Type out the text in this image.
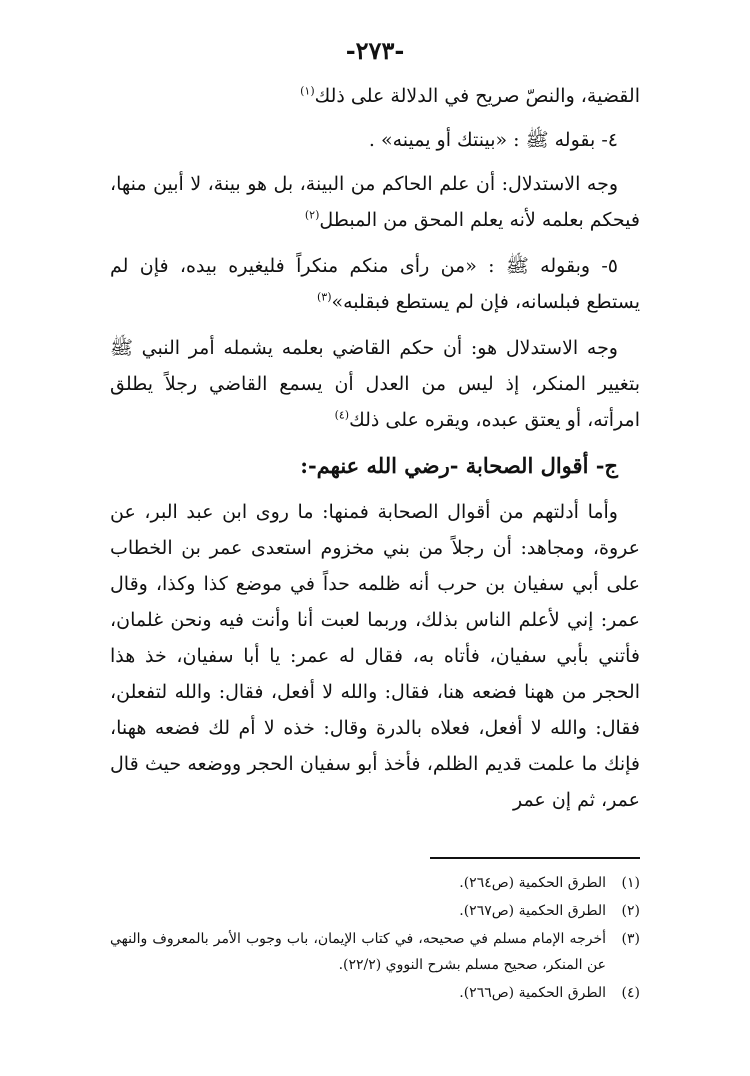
-٢٧٣-

القضية، والنصّ صريح في الدلالة على ذلك$^{(١)}$

٤- بقوله ﷺ : «بينتك أو يمينه» .

وجه الاستدلال: أن علم الحاكم من البينة، بل هو بينة، لا أبين منها، فيحكم بعلمه لأنه يعلم المحق من المبطل$^{(٢)}$

٥- وبقوله ﷺ : «من رأى منكم منكراً فليغيره بيده، فإن لم يستطع فبلسانه، فإن لم يستطع فبقلبه»$^{(٣)}$

وجه الاستدلال هو: أن حكم القاضي بعلمه يشمله أمر النبي ﷺ بتغيير المنكر، إذ ليس من العدل أن يسمع القاضي رجلاً يطلق امرأته، أو يعتق عبده، ويقره على ذلك$^{(٤)}$

ج- أقوال الصحابة -رضي الله عنهم-:

وأما أدلتهم من أقوال الصحابة فمنها: ما روى ابن عبد البر، عن عروة، ومجاهد: أن رجلاً من بني مخزوم استعدى عمر بن الخطاب على أبي سفيان بن حرب أنه ظلمه حداً في موضع كذا وكذا، وقال عمر: إني لأعلم الناس بذلك، وربما لعبت أنا وأنت فيه ونحن غلمان، فأتني بأبي سفيان، فأتاه به، فقال له عمر: يا أبا سفيان، خذ هذا الحجر من ههنا فضعه هنا، فقال: والله لا أفعل، فقال: والله لتفعلن، فقال: والله لا أفعل، فعلاه بالدرة وقال: خذه لا أم لك فضعه ههنا، فإنك ما علمت قديم الظلم، فأخذ أبو سفيان الحجر ووضعه حيث قال عمر، ثم إن عمر

(١)
الطرق الحكمية (ص٢٦٤).
(٢)
الطرق الحكمية (ص٢٦٧).
(٣)
أخرجه الإمام مسلم في صحيحه، في كتاب الإيمان، باب وجوب الأمر بالمعروف والنهي عن المنكر، صحيح مسلم بشرح النووي (٢٢/٢).
(٤)
الطرق الحكمية (ص٢٦٦).
